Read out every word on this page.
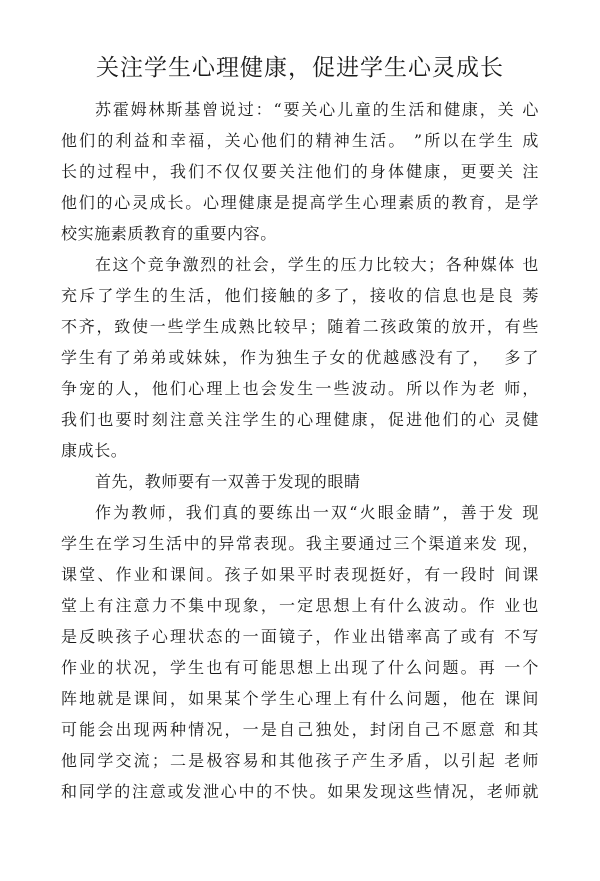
关注学生心理健康，促进学生心灵成长

苏霍姆林斯基曾说过：“要关心儿童的生活和健康，关 心
他们的利益和幸福，关心他们的精神生活。 ”所以在学生 成
长的过程中，我们不仅仅要关注他们的身体健康，更要关 注
他们的心灵成长。心理健康是提高学生心理素质的教育，是学
校实施素质教育的重要内容。

在这个竞争激烈的社会，学生的压力比较大；各种媒体 也
充斥了学生的生活，他们接触的多了，接收的信息也是良 莠
不齐，致使一些学生成熟比较早；随着二孩政策的放开，有些
学生有了弟弟或妹妹，作为独生子女的优越感没有了，  多了
争宠的人，他们心理上也会发生一些波动。所以作为老 师，
我们也要时刻注意关注学生的心理健康，促进他们的心 灵健
康成长。

首先，教师要有一双善于发现的眼睛

作为教师，我们真的要练出一双“火眼金睛”，善于发 现
学生在学习生活中的异常表现。我主要通过三个渠道来发 现，
课堂、作业和课间。孩子如果平时表现挺好，有一段时 间课
堂上有注意力不集中现象，一定思想上有什么波动。作 业也
是反映孩子心理状态的一面镜子，作业出错率高了或有 不写
作业的状况，学生也有可能思想上出现了什么问题。再 一个
阵地就是课间，如果某个学生心理上有什么问题，他在 课间
可能会出现两种情况，一是自己独处，封闭自己不愿意 和其
他同学交流；二是极容易和其他孩子产生矛盾，以引起 老师
和同学的注意或发泄心中的不快。如果发现这些情况，老师就
